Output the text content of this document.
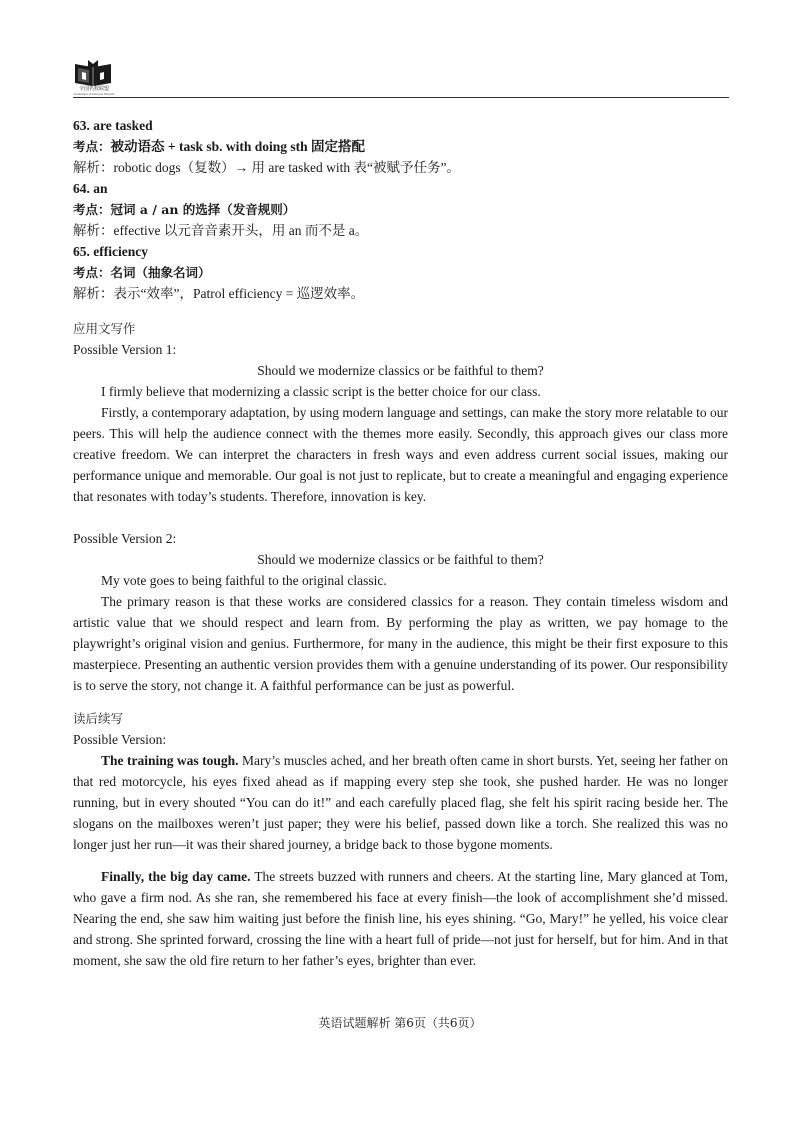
全国名校联盟
Federation of Famous Schools

63. are tasked

考点：被动语态 + task sb. with doing sth 固定搭配

解析：robotic dogs（复数）→ 用 are tasked with 表“被赋予任务”。

64. an

考点：冠词 a / an 的选择（发音规则）

解析：effective 以元音音素开头，用 an 而不是 a。

65. efficiency

考点：名词（抽象名词）

解析：表示“效率”，Patrol efficiency = 巡逻效率。

应用文写作

Possible Version 1:

Should we modernize classics or be faithful to them?

I firmly believe that modernizing a classic script is the better choice for our class.

Firstly, a contemporary adaptation, by using modern language and settings, can make the story more relatable to our peers. This will help the audience connect with the themes more easily. Secondly, this approach gives our class more creative freedom. We can interpret the characters in fresh ways and even address current social issues, making our performance unique and memorable. Our goal is not just to replicate, but to create a meaningful and engaging experience that resonates with today’s students. Therefore, innovation is key.

Possible Version 2:

Should we modernize classics or be faithful to them?

My vote goes to being faithful to the original classic.

The primary reason is that these works are considered classics for a reason. They contain timeless wisdom and artistic value that we should respect and learn from. By performing the play as written, we pay homage to the playwright’s original vision and genius. Furthermore, for many in the audience, this might be their first exposure to this masterpiece. Presenting an authentic version provides them with a genuine understanding of its power. Our responsibility is to serve the story, not change it. A faithful performance can be just as powerful.

读后续写

Possible Version:

The training was tough. Mary’s muscles ached, and her breath often came in short bursts. Yet, seeing her father on that red motorcycle, his eyes fixed ahead as if mapping every step she took, she pushed harder. He was no longer running, but in every shouted “You can do it!” and each carefully placed flag, she felt his spirit racing beside her. The slogans on the mailboxes weren’t just paper; they were his belief, passed down like a torch. She realized this was no longer just her run—it was their shared journey, a bridge back to those bygone moments.

Finally, the big day came. The streets buzzed with runners and cheers. At the starting line, Mary glanced at Tom, who gave a firm nod. As she ran, she remembered his face at every finish—the look of accomplishment she’d missed. Nearing the end, she saw him waiting just before the finish line, his eyes shining. “Go, Mary!” he yelled, his voice clear and strong. She sprinted forward, crossing the line with a heart full of pride—not just for herself, but for him. And in that moment, she saw the old fire return to her father’s eyes, brighter than ever.

英语试题解析 第6页（共6页）
